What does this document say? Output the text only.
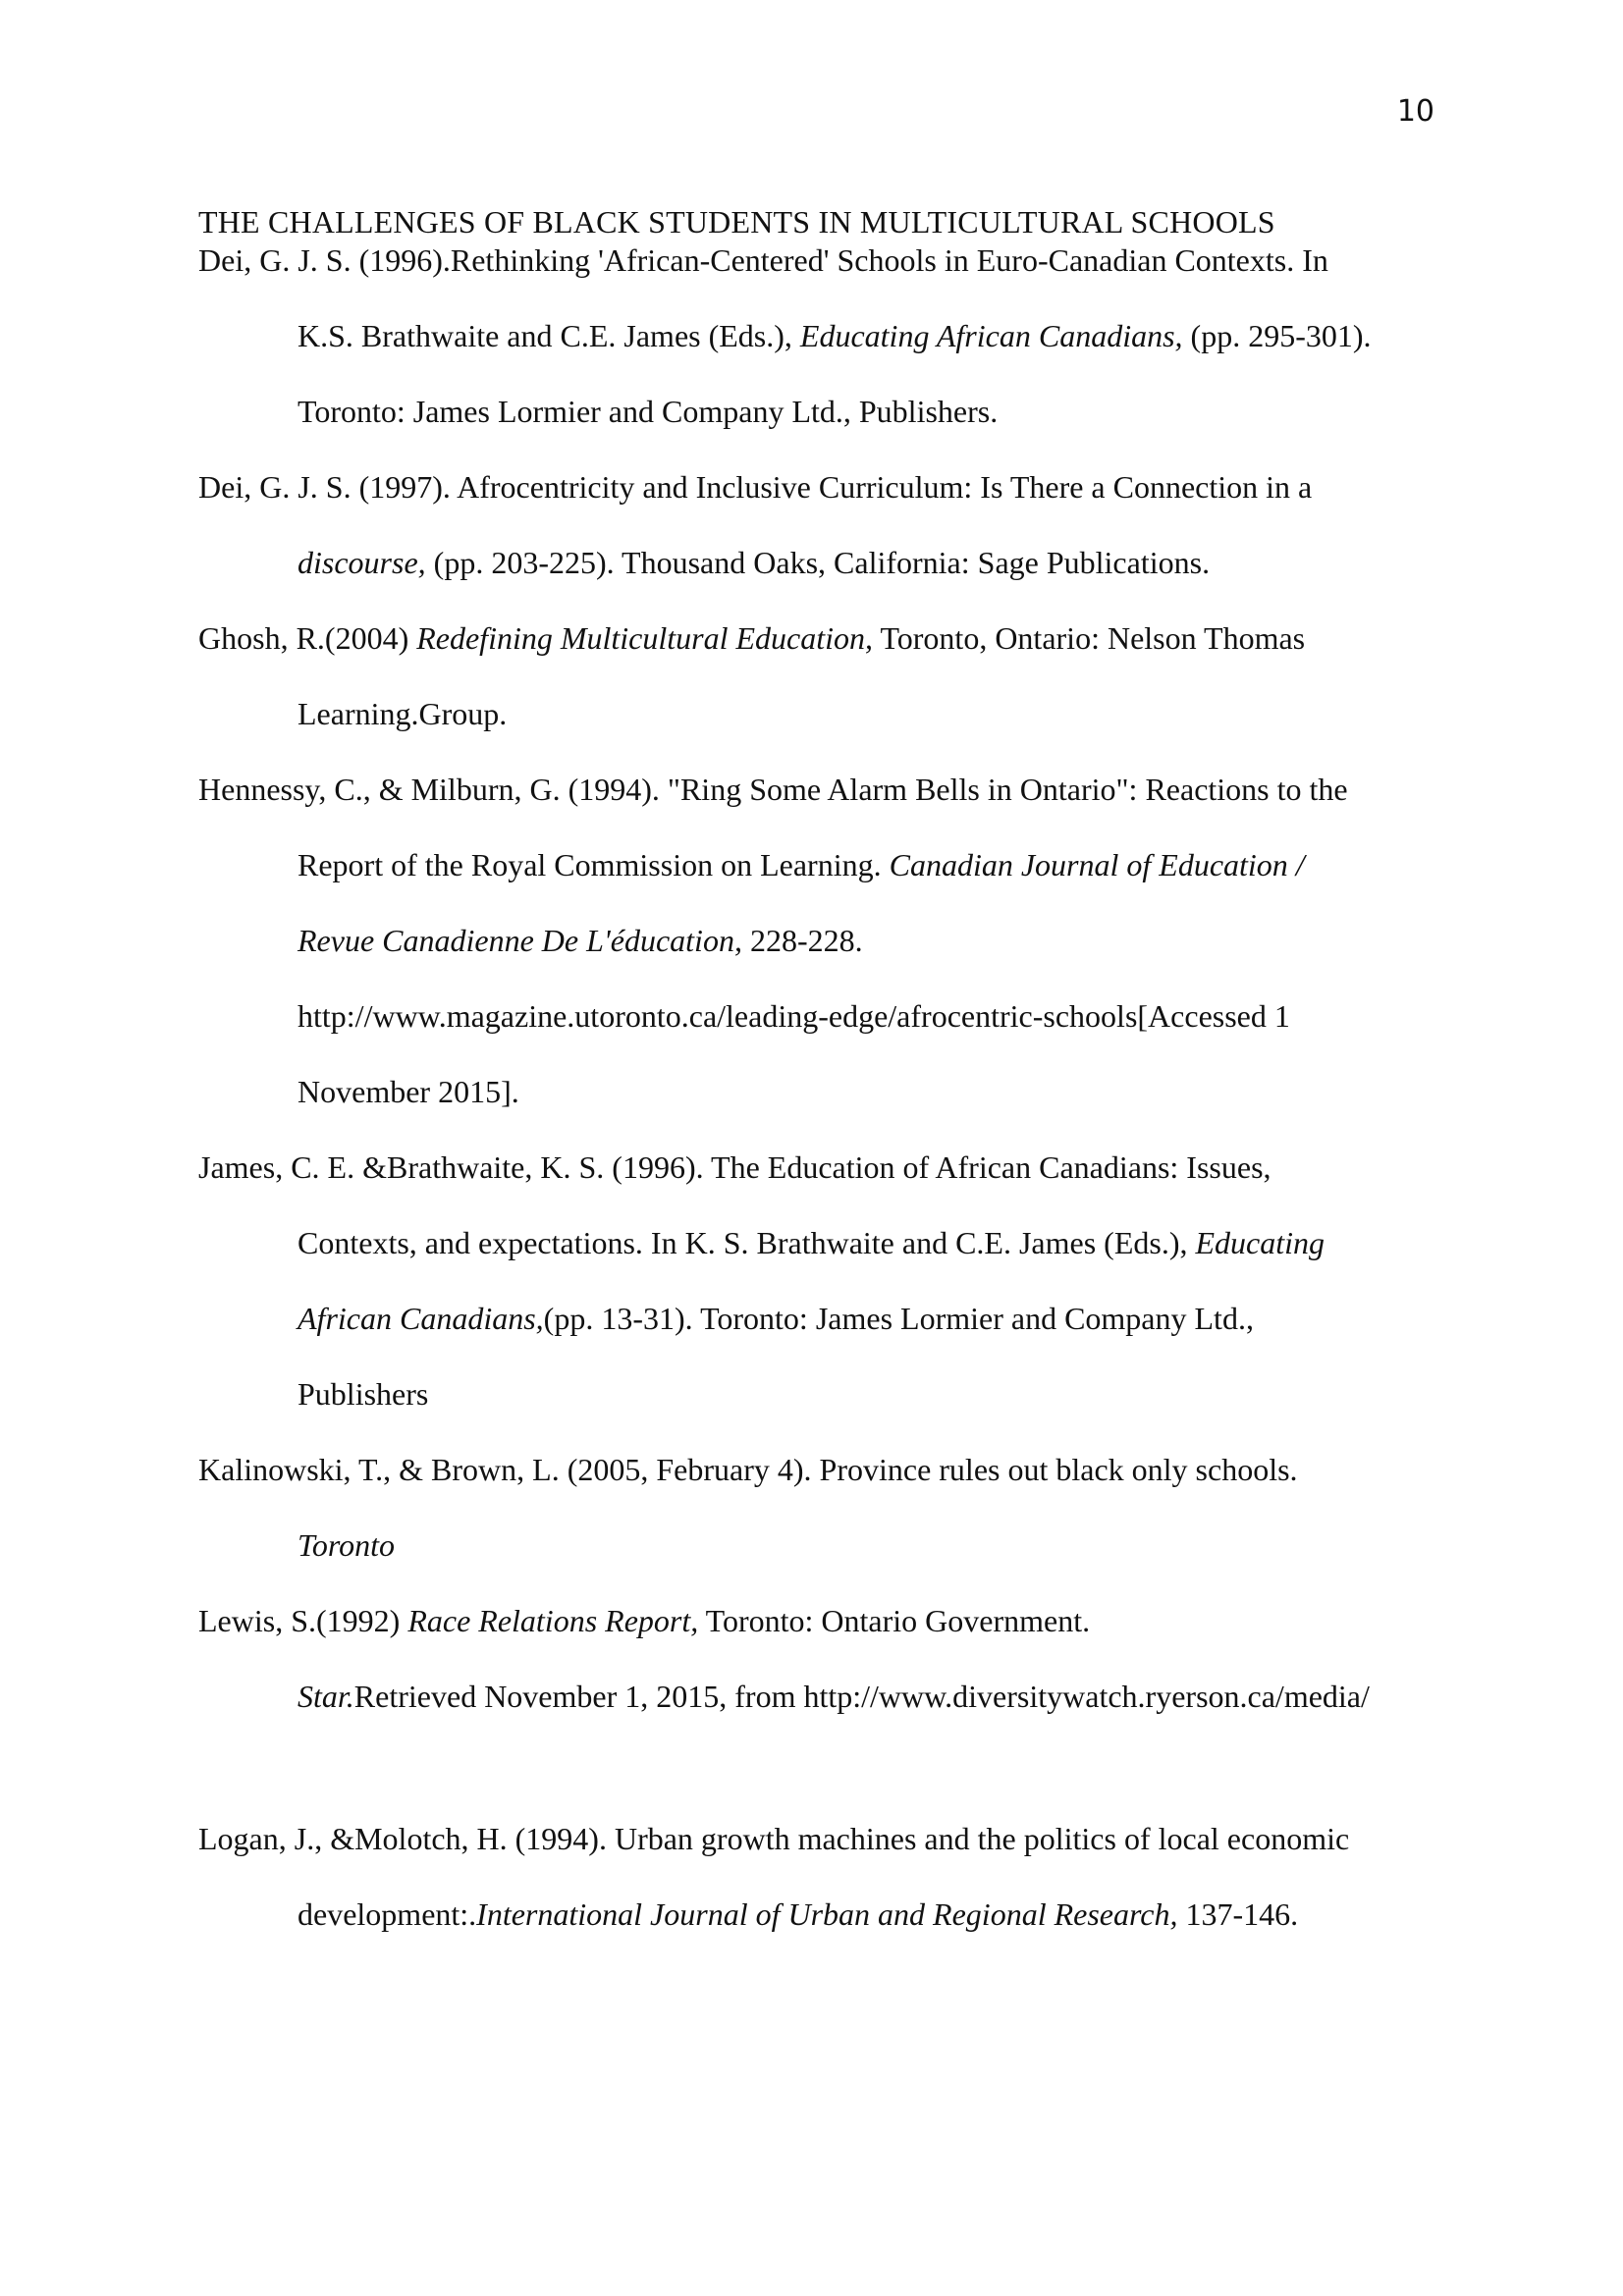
10
THE CHALLENGES OF BLACK STUDENTS IN MULTICULTURAL SCHOOLS
Dei, G. J. S. (1996).Rethinking 'African-Centered' Schools in Euro-Canadian Contexts. In
K.S. Brathwaite and C.E. James (Eds.), Educating African Canadians, (pp. 295-301).
Toronto: James Lormier and Company Ltd., Publishers.
Dei, G. J. S. (1997). Afrocentricity and Inclusive Curriculum: Is There a Connection in a
discourse, (pp. 203-225). Thousand Oaks, California: Sage Publications.
Ghosh, R.(2004) Redefining Multicultural Education, Toronto, Ontario: Nelson Thomas
Learning.Group.
Hennessy, C., & Milburn, G. (1994). "Ring Some Alarm Bells in Ontario": Reactions to the
Report of the Royal Commission on Learning. Canadian Journal of Education /
Revue Canadienne De L'éducation, 228-228.
http://www.magazine.utoronto.ca/leading-edge/afrocentric-schools[Accessed 1
November 2015].
James, C. E. &Brathwaite, K. S. (1996). The Education of African Canadians: Issues,
Contexts, and expectations. In K. S. Brathwaite and C.E. James (Eds.), Educating
African Canadians,(pp. 13-31). Toronto: James Lormier and Company Ltd.,
Publishers
Kalinowski, T., & Brown, L. (2005, February 4). Province rules out black only schools.
Toronto
Lewis, S.(1992) Race Relations Report, Toronto: Ontario Government.
Star.Retrieved November 1, 2015, from http://www.diversitywatch.ryerson.ca/media/
Logan, J., &Molotch, H. (1994). Urban growth machines and the politics of local economic
development:.International Journal of Urban and Regional Research, 137-146.
